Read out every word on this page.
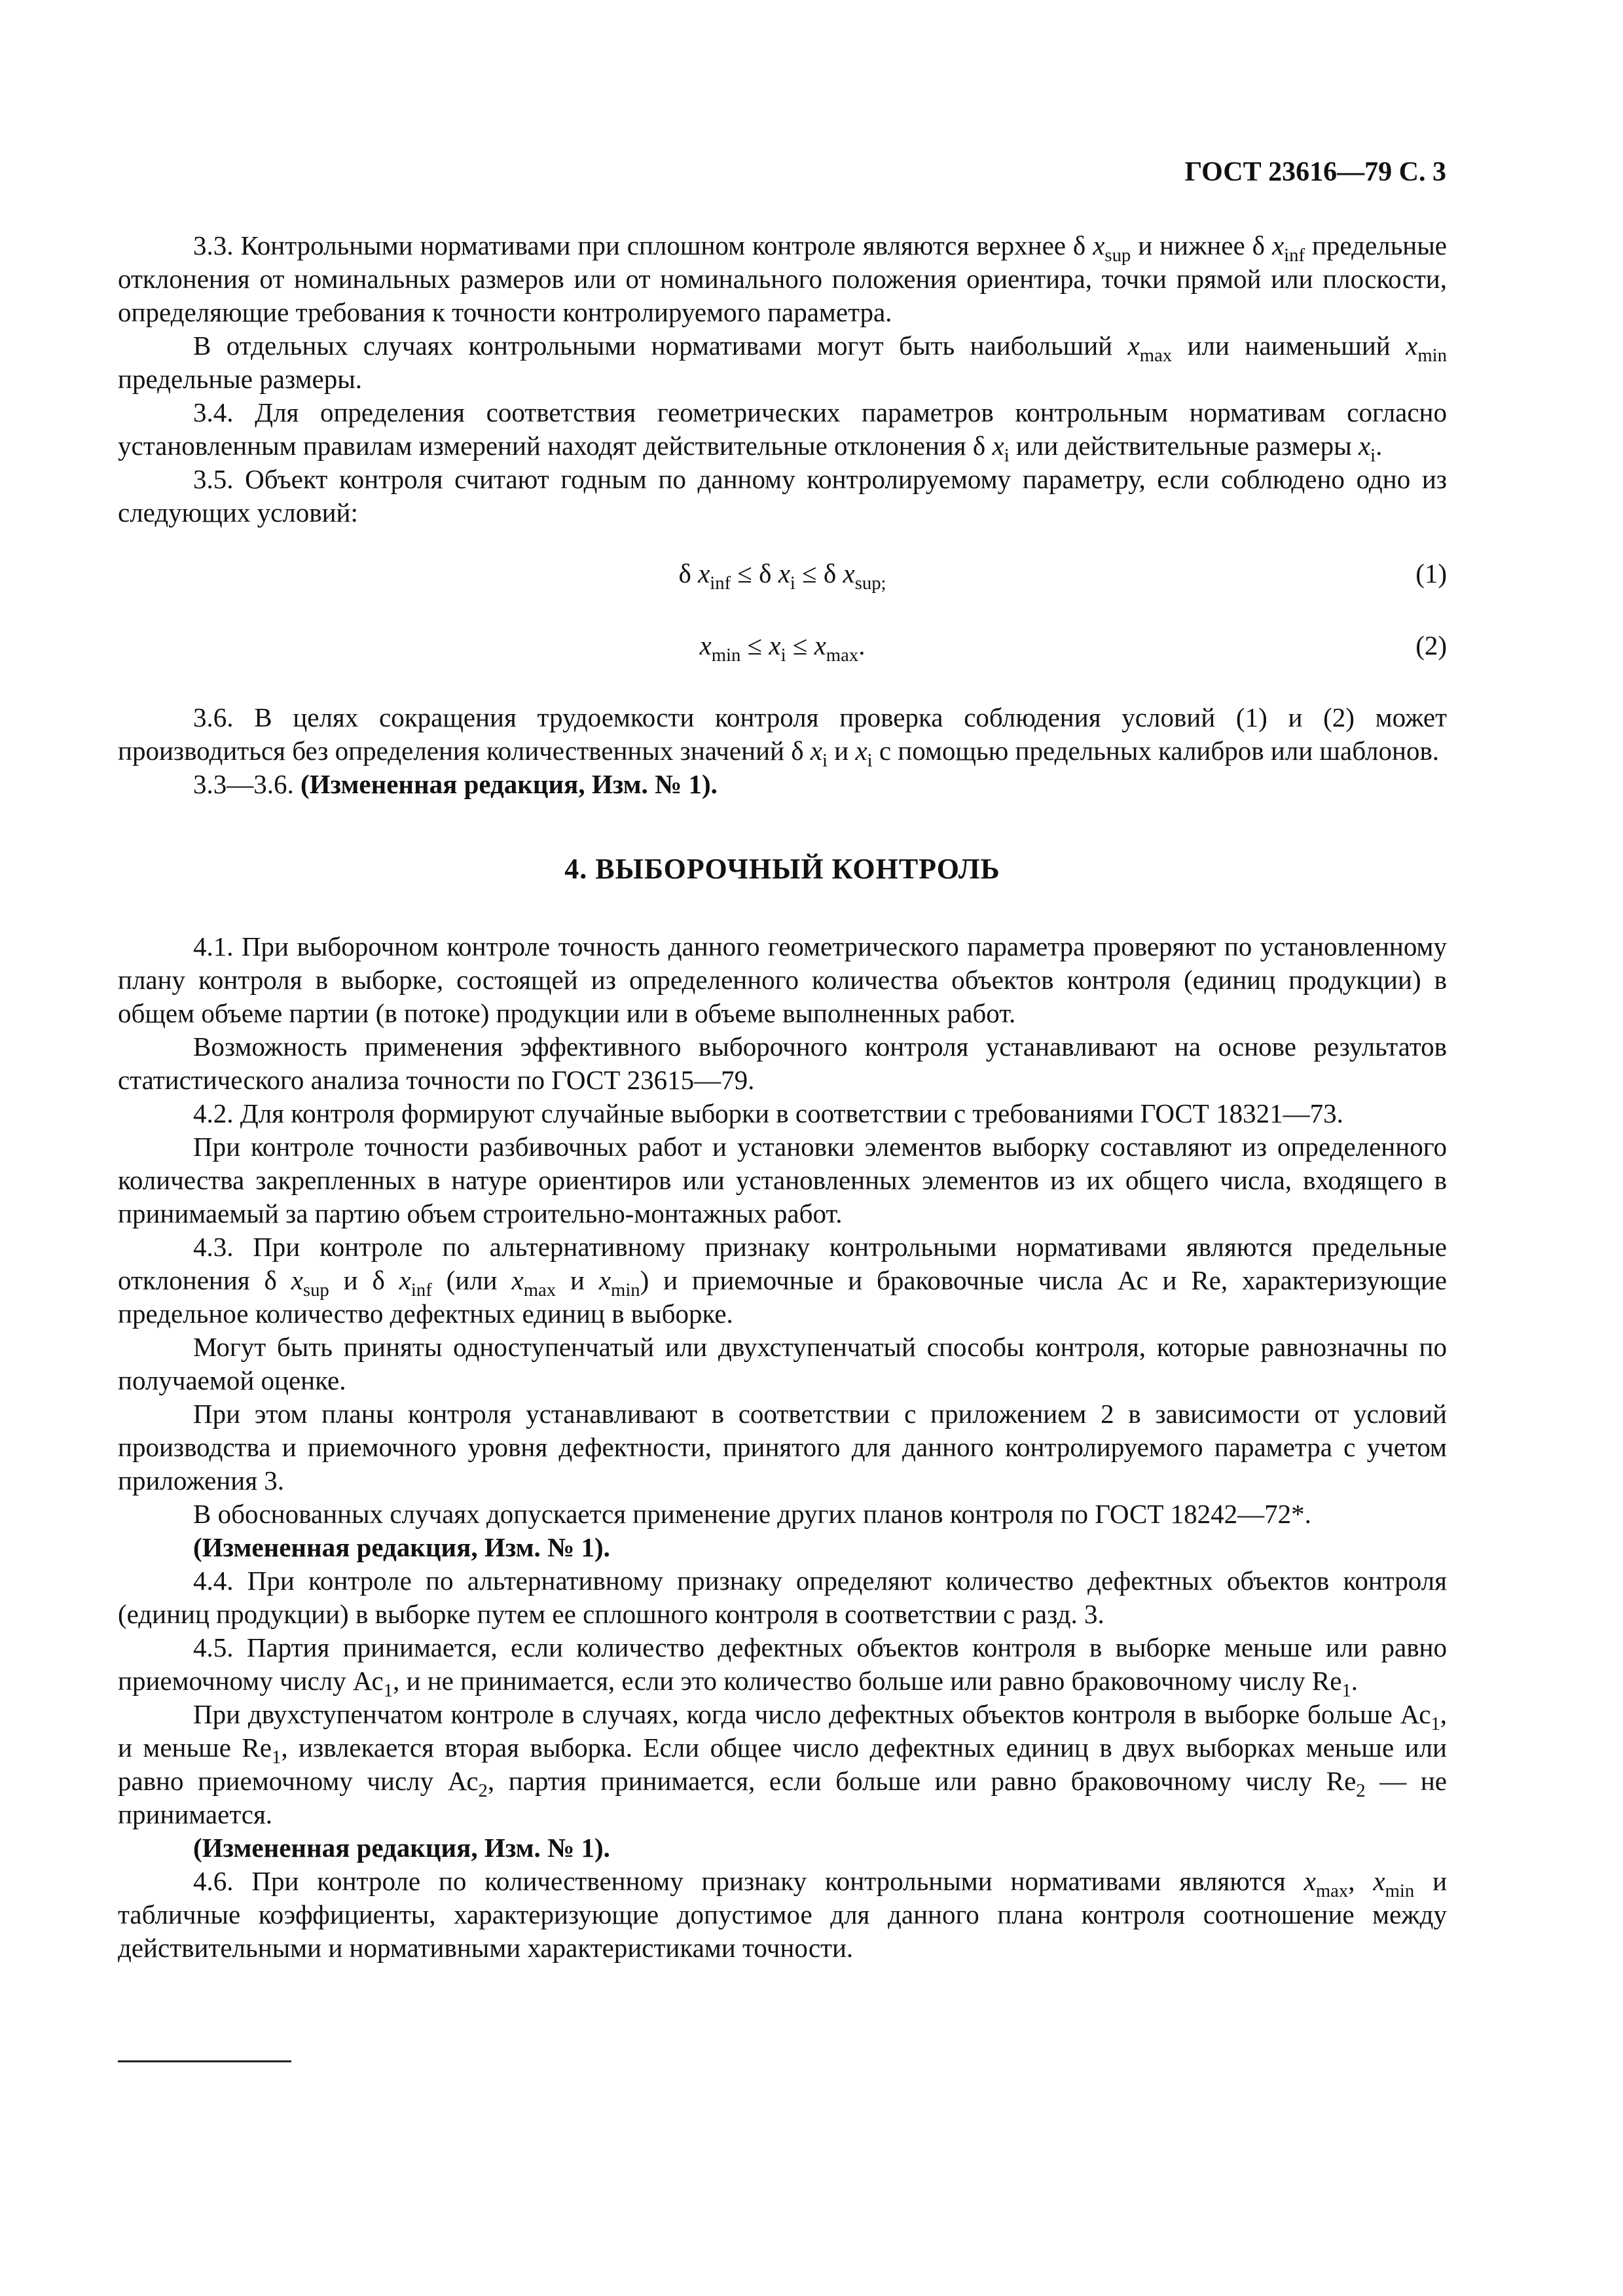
ГОСТ 23616—79 С. 3

3.3. Контрольными нормативами при сплошном контроле являются верхнее δ $x_{sup}$ и нижнее δ $x_{inf}$ предельные отклонения от номинальных размеров или от номинального положения ориентира, точки прямой или плоскости, определяющие требования к точности контролируемого параметра.

В отдельных случаях контрольными нормативами могут быть наибольший $x_{max}$ или наименьший $x_{min}$ предельные размеры.

3.4. Для определения соответствия геометрических параметров контрольным нормативам согласно установленным правилам измерений находят действительные отклонения δ $x_i$ или действительные размеры $x_i$.

3.5. Объект контроля считают годным по данному контролируемому параметру, если соблюдено одно из следующих условий:

δ $x_{inf} \le \delta$ $x_i \le \delta$ $x_{sup;}$	(1)
$x_{min} \le x_i \le x_{max}$.	(2)

3.6. В целях сокращения трудоемкости контроля проверка соблюдения условий (1) и (2) может производиться без определения количественных значений δ $x_i$ и $x_i$ с помощью предельных калибров или шаблонов.

3.3—3.6. (Измененная редакция, Изм. № 1).

4. ВЫБОРОЧНЫЙ КОНТРОЛЬ

4.1. При выборочном контроле точность данного геометрического параметра проверяют по установленному плану контроля в выборке, состоящей из определенного количества объектов контроля (единиц продукции) в общем объеме партии (в потоке) продукции или в объеме выполненных работ.

Возможность применения эффективного выборочного контроля устанавливают на основе результатов статистического анализа точности по ГОСТ 23615—79.

4.2. Для контроля формируют случайные выборки в соответствии с требованиями ГОСТ 18321—73.

При контроле точности разбивочных работ и установки элементов выборку составляют из определенного количества закрепленных в натуре ориентиров или установленных элементов из их общего числа, входящего в принимаемый за партию объем строительно-монтажных работ.

4.3. При контроле по альтернативному признаку контрольными нормативами являются предельные отклонения δ $x_{sup}$ и δ $x_{inf}$ (или $x_{max}$ и $x_{min}$) и приемочные и браковочные числа Ас и Re, характеризующие предельное количество дефектных единиц в выборке.

Могут быть приняты одноступенчатый или двухступенчатый способы контроля, которые равнозначны по получаемой оценке.

При этом планы контроля устанавливают в соответствии с приложением 2 в зависимости от условий производства и приемочного уровня дефектности, принятого для данного контролируемого параметра с учетом приложения 3.

В обоснованных случаях допускается применение других планов контроля по ГОСТ 18242—72*.

(Измененная редакция, Изм. № 1).

4.4. При контроле по альтернативному признаку определяют количество дефектных объектов контроля (единиц продукции) в выборке путем ее сплошного контроля в соответствии с разд. 3.

4.5. Партия принимается, если количество дефектных объектов контроля в выборке меньше или равно приемочному числу $Ас_1$, и не принимается, если это количество больше или равно браковочному числу $Re_1$.

При двухступенчатом контроле в случаях, когда число дефектных объектов контроля в выборке больше $Ас_1$, и меньше $Re_1$, извлекается вторая выборка. Если общее число дефектных единиц в двух выборках меньше или равно приемочному числу $Ас_2$, партия принимается, если больше или равно браковочному числу $Re_2$ — не принимается.

(Измененная редакция, Изм. № 1).

4.6. При контроле по количественному признаку контрольными нормативами являются $x_{max}$, $x_{min}$ и табличные коэффициенты, характеризующие допустимое для данного плана контроля соотношение между действительными и нормативными характеристиками точности.
